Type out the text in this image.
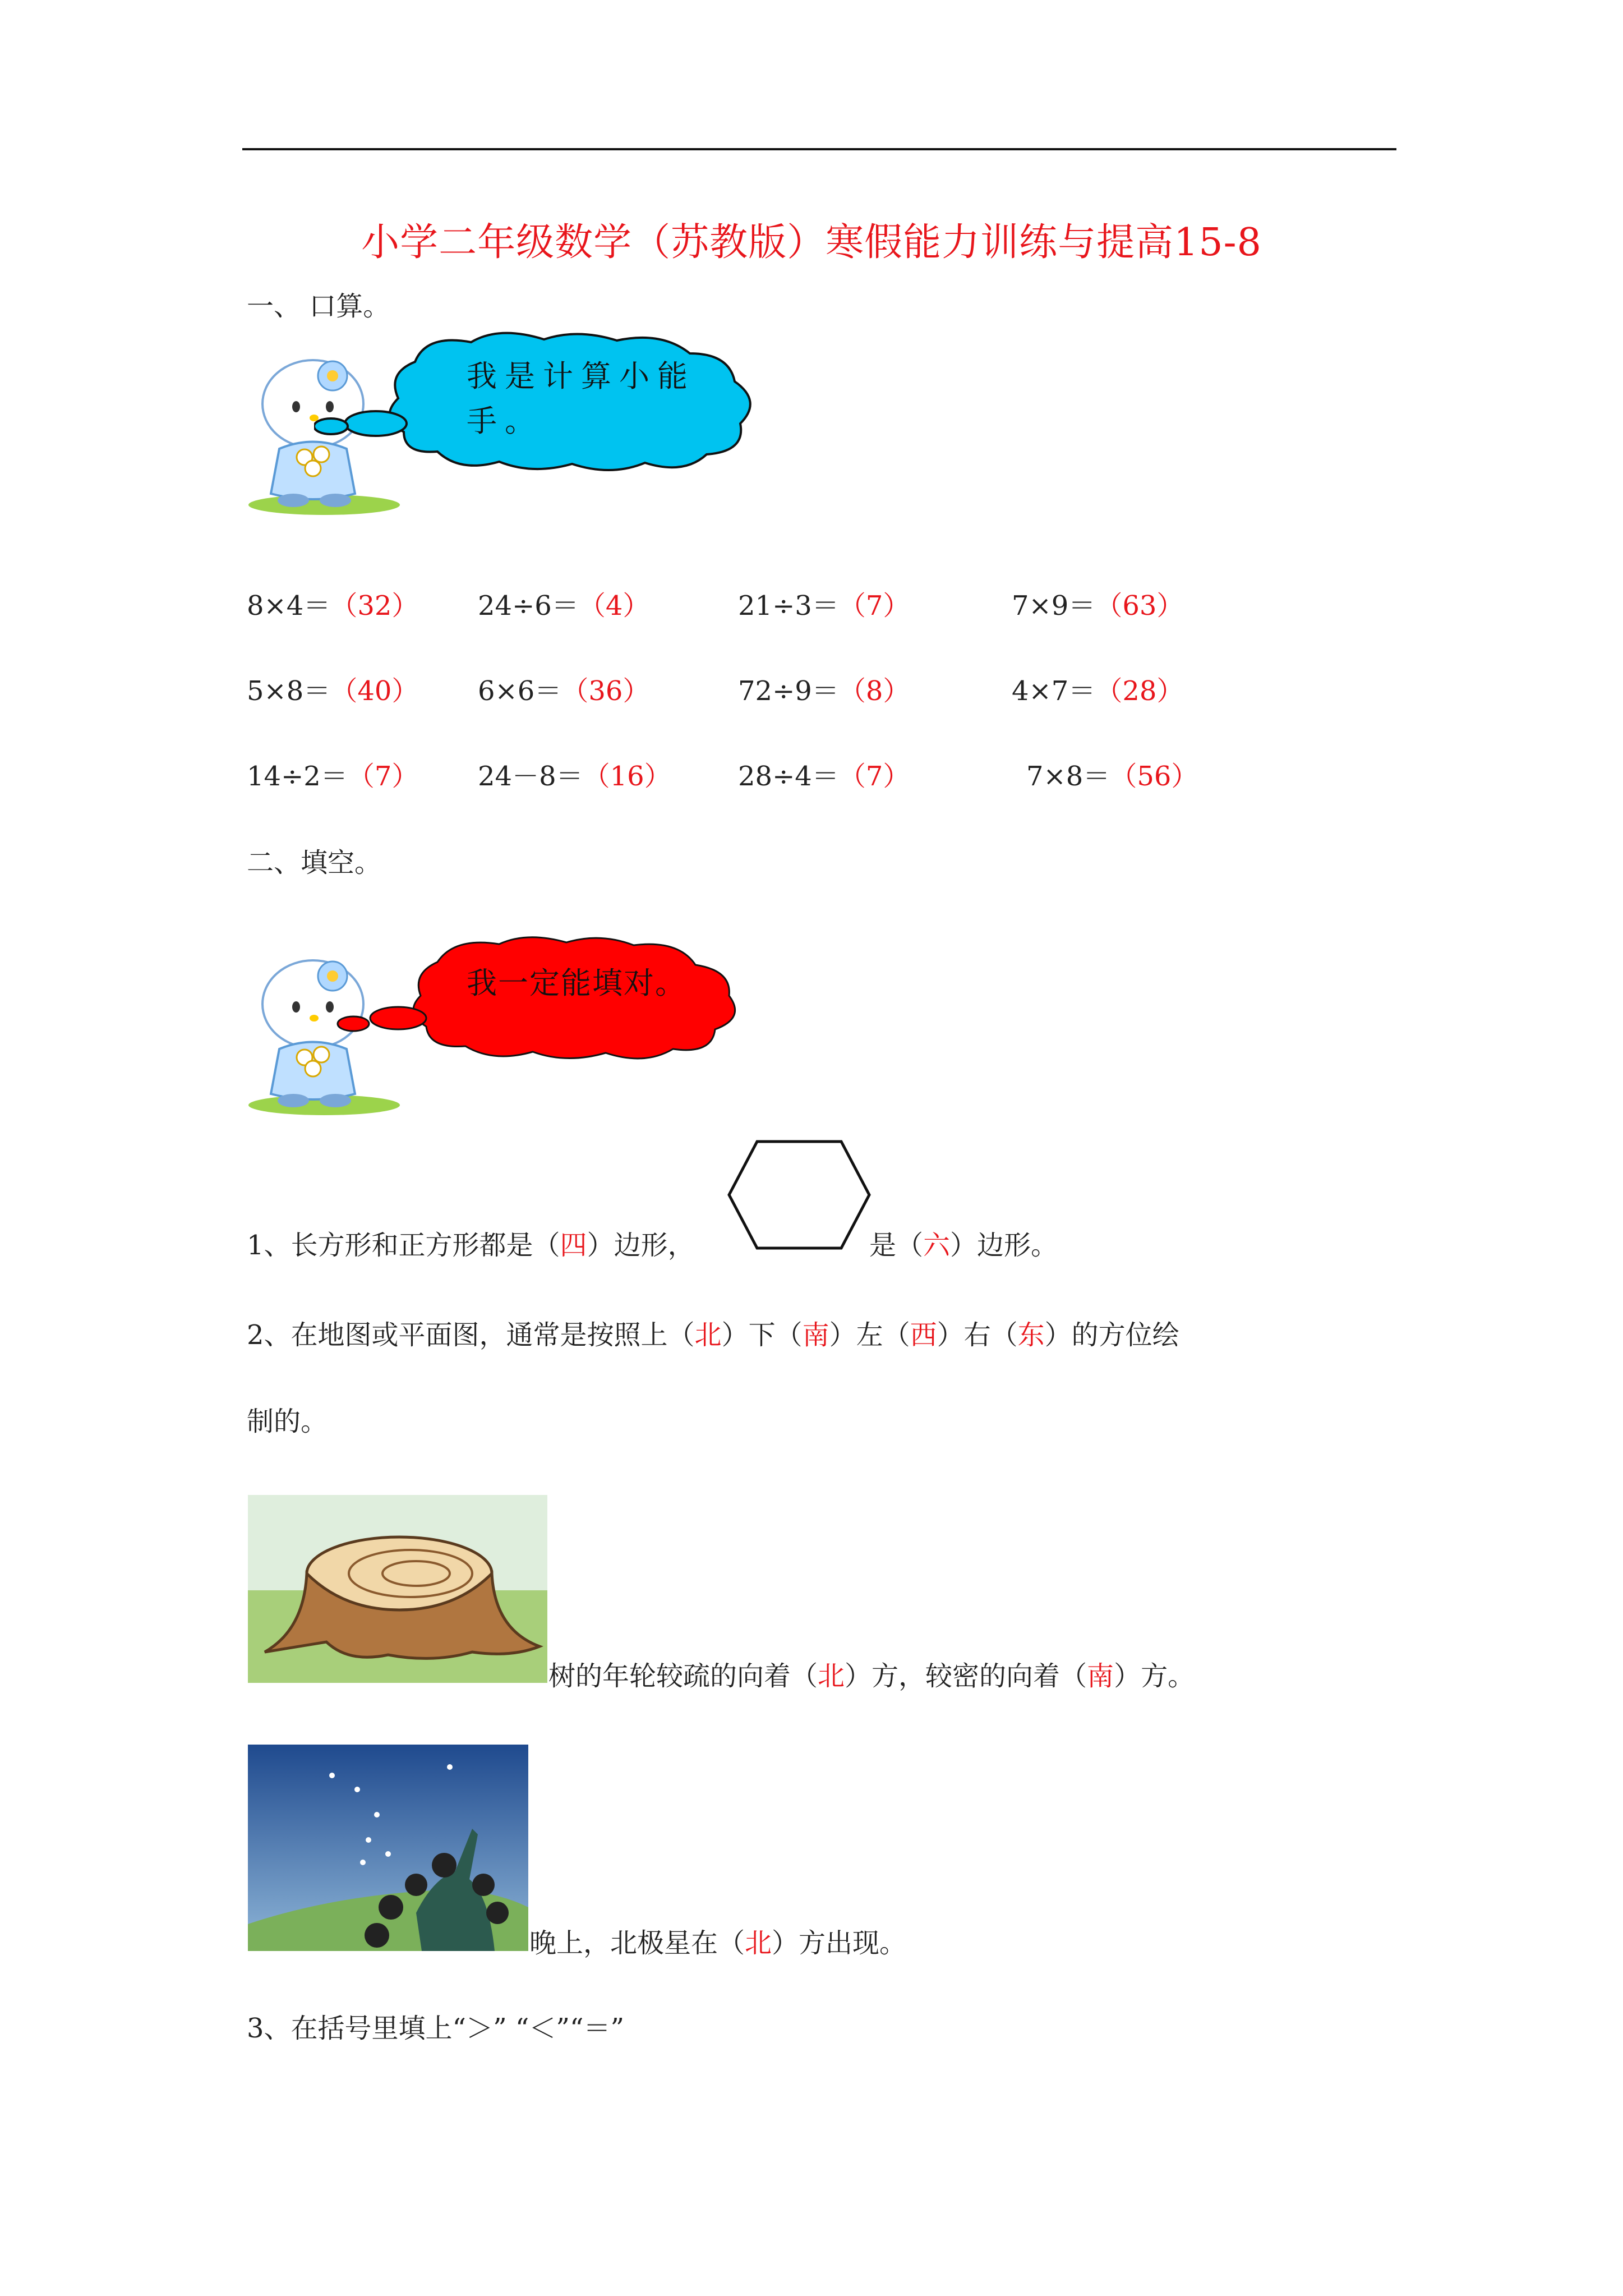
小学二年级数学（苏教版）寒假能力训练与提高15-8
一、 口算。
我是计算小能
手。
8×4＝（32） 24÷6＝（4）	21÷3＝（7）	7×9＝（63）
5×8＝（40） 6×6＝（36）	72÷9＝（8）	4×7＝（28）
14÷2＝（7） 24－8＝（16） 28÷4＝（7）	7×8＝（56）
二、填空。
我一定能填对。
1、长方形和正方形都是（四）边形，	是（六）边形。
2、在地图或平面图，通常是按照上（北）下（南）左（西）右（东）的方位绘
制的。
树的年轮较疏的向着（北）方，较密的向着（南）方。
晚上，北极星在（北）方出现。
3、在括号里填上“＞” “＜”“＝”
